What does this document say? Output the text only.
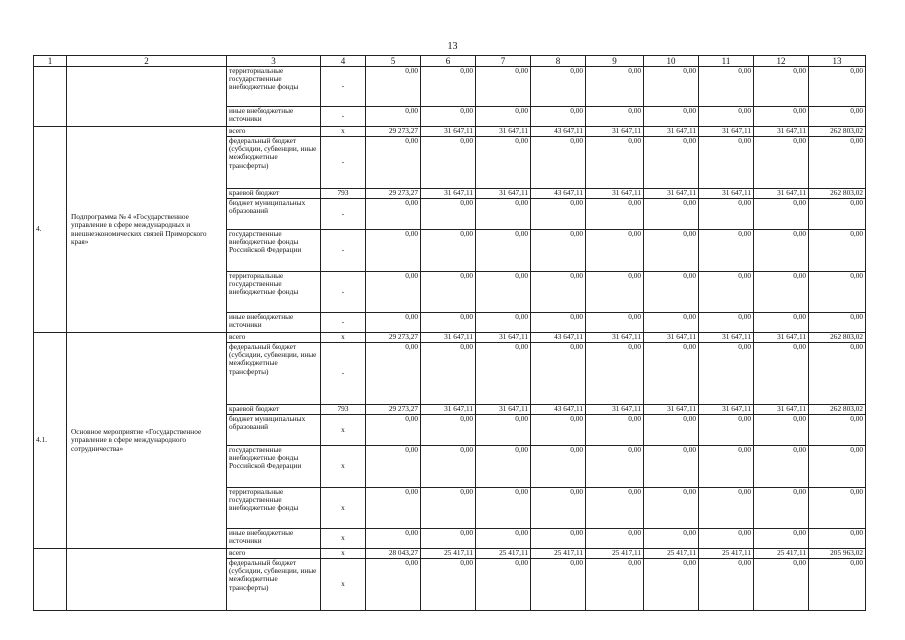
13
1	2	3	4	5	6	7	8	9	10	11	12	13
		территориальные государственные внебюджетные фонды	-	0,00	0,00	0,00	0,00	0,00	0,00	0,00	0,00	0,00
		иные внебюджетные источники	-	0,00	0,00	0,00	0,00	0,00	0,00	0,00	0,00	0,00
4.	Подпрограмма № 4 «Государственное управление в сфере международных и внешнеэкономических связей Приморского края»	всего	x	29 273,27	31 647,11	31 647,11	43 647,11	31 647,11	31 647,11	31 647,11	31 647,11	262 803,02
		федеральный бюджет (субсидии, субвенции, иные межбюджетные трансферты)	-	0,00	0,00	0,00	0,00	0,00	0,00	0,00	0,00	0,00
		краевой бюджет	793	29 273,27	31 647,11	31 647,11	43 647,11	31 647,11	31 647,11	31 647,11	31 647,11	262 803,02
		бюджет муниципальных образований	-	0,00	0,00	0,00	0,00	0,00	0,00	0,00	0,00	0,00
		государственные внебюджетные фонды Российской Федерации	-	0,00	0,00	0,00	0,00	0,00	0,00	0,00	0,00	0,00
		территориальные государственные внебюджетные фонды	-	0,00	0,00	0,00	0,00	0,00	0,00	0,00	0,00	0,00
		иные внебюджетные источники	-	0,00	0,00	0,00	0,00	0,00	0,00	0,00	0,00	0,00
4.1.	Основное мероприятие «Государственное управление в сфере международного сотрудничества»	всего	x	29 273,27	31 647,11	31 647,11	43 647,11	31 647,11	31 647,11	31 647,11	31 647,11	262 803,02
		федеральный бюджет (субсидии, субвенции, иные межбюджетные трансферты)	-	0,00	0,00	0,00	0,00	0,00	0,00	0,00	0,00	0,00
		краевой бюджет	793	29 273,27	31 647,11	31 647,11	43 647,11	31 647,11	31 647,11	31 647,11	31 647,11	262 803,02
		бюджет муниципальных образований	x	0,00	0,00	0,00	0,00	0,00	0,00	0,00	0,00	0,00
		государственные внебюджетные фонды Российской Федерации	x	0,00	0,00	0,00	0,00	0,00	0,00	0,00	0,00	0,00
		территориальные государственные внебюджетные фонды	x	0,00	0,00	0,00	0,00	0,00	0,00	0,00	0,00	0,00
		иные внебюджетные источники	x	0,00	0,00	0,00	0,00	0,00	0,00	0,00	0,00	0,00
		всего	x	28 043,27	25 417,11	25 417,11	25 417,11	25 417,11	25 417,11	25 417,11	25 417,11	205 963,02
		федеральный бюджет (субсидии, субвенции, иные межбюджетные трансферты)	x	0,00	0,00	0,00	0,00	0,00	0,00	0,00	0,00	0,00
